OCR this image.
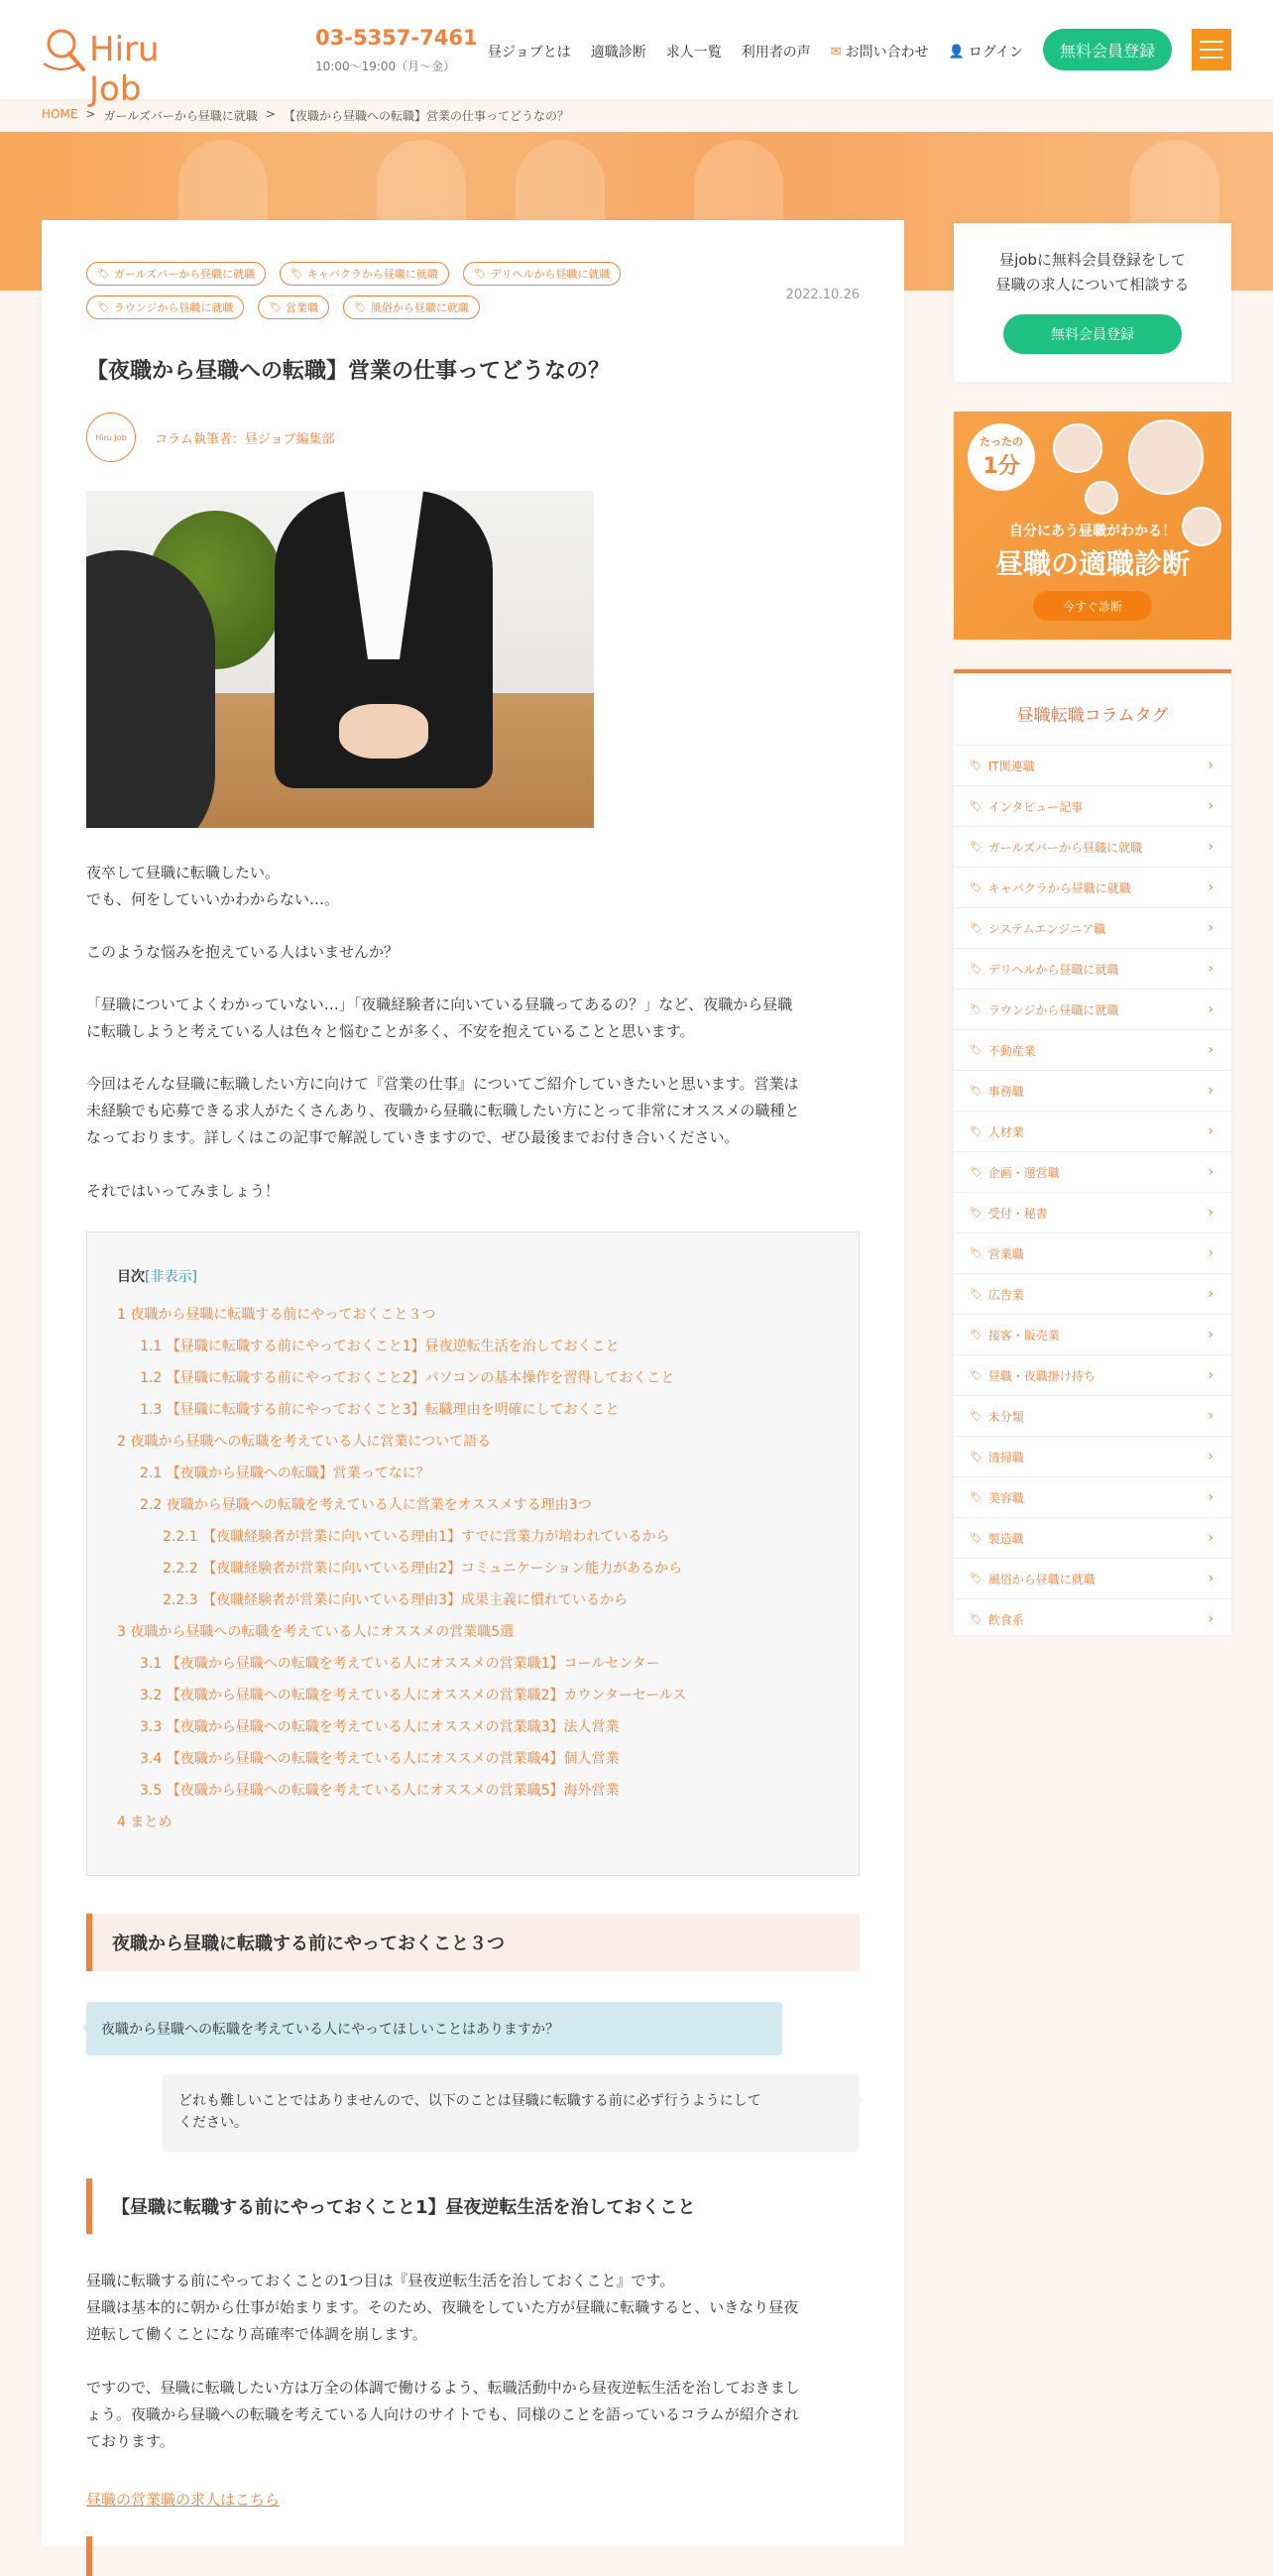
Hiru Job
03-5357-7461
10:00〜19:00（月〜金）
昼ジョブとは 適職診断 求人一覧 利用者の声 ✉ お問い合わせ 👤 ログイン	無料会員登録
HOME > ガールズバーから昼職に就職 > 【夜職から昼職への転職】営業の仕事ってどうなの？
🏷 ガールズバーから昼職に就職	🏷 キャバクラから昼職に就職	🏷 デリヘルから昼職に就職
🏷 ラウンジから昼職に就職	🏷 営業職	🏷 風俗から昼職に就職
2022.10.26
【夜職から昼職への転職】営業の仕事ってどうなの？
Hiru Job	コラム執筆者：昼ジョブ編集部
夜卒して昼職に転職したい。
でも、何をしていいかわからない…。
このような悩みを抱えている人はいませんか？
「昼職についてよくわかっていない…」「夜職経験者に向いている昼職ってあるの？」など、夜職から昼職
に転職しようと考えている人は色々と悩むことが多く、不安を抱えていることと思います。
今回はそんな昼職に転職したい方に向けて『営業の仕事』についてご紹介していきたいと思います。営業は
未経験でも応募できる求人がたくさんあり、夜職から昼職に転職したい方にとって非常にオススメの職種と
なっております。詳しくはこの記事で解説していきますので、ぜひ最後までお付き合いください。
それではいってみましょう！
目次[非表示]
1 夜職から昼職に転職する前にやっておくこと３つ
1.1 【昼職に転職する前にやっておくこと1】昼夜逆転生活を治しておくこと
1.2 【昼職に転職する前にやっておくこと2】パソコンの基本操作を習得しておくこと
1.3 【昼職に転職する前にやっておくこと3】転職理由を明確にしておくこと
2 夜職から昼職への転職を考えている人に営業について語る
2.1 【夜職から昼職への転職】営業ってなに？
2.2 夜職から昼職への転職を考えている人に営業をオススメする理由3つ
2.2.1 【夜職経験者が営業に向いている理由1】すでに営業力が培われているから
2.2.2 【夜職経験者が営業に向いている理由2】コミュニケーション能力があるから
2.2.3 【夜職経験者が営業に向いている理由3】成果主義に慣れているから
3 夜職から昼職への転職を考えている人にオススメの営業職5選
3.1 【夜職から昼職への転職を考えている人にオススメの営業職1】コールセンター
3.2 【夜職から昼職への転職を考えている人にオススメの営業職2】カウンターセールス
3.3 【夜職から昼職への転職を考えている人にオススメの営業職3】法人営業
3.4 【夜職から昼職への転職を考えている人にオススメの営業職4】個人営業
3.5 【夜職から昼職への転職を考えている人にオススメの営業職5】海外営業
4 まとめ
夜職から昼職に転職する前にやっておくこと３つ
夜職から昼職への転職を考えている人にやってほしいことはありますか？
どれも難しいことではありませんので、以下のことは昼職に転職する前に必ず行うようにして
ください。
【昼職に転職する前にやっておくこと1】昼夜逆転生活を治しておくこと
昼職に転職する前にやっておくことの1つ目は『昼夜逆転生活を治しておくこと』です。
昼職は基本的に朝から仕事が始まります。そのため、夜職をしていた方が昼職に転職すると、いきなり昼夜
逆転して働くことになり高確率で体調を崩します。
ですので、昼職に転職したい方は万全の体調で働けるよう、転職活動中から昼夜逆転生活を治しておきまし
ょう。夜職から昼職への転職を考えている人向けのサイトでも、同様のことを語っているコラムが紹介され
ております。
昼職の営業職の求人はこちら
昼jobに無料会員登録をして
昼職の求人について相談する
無料会員登録
たったの
1分
自分にあう昼職がわかる！
昼職の適職診断
今すぐ診断
昼職転職コラムタグ
🏷 IT関連職	›
🏷 インタビュー記事	›
🏷 ガールズバーから昼職に就職	›
🏷 キャバクラから昼職に就職	›
🏷 システムエンジニア職	›
🏷 デリヘルから昼職に就職	›
🏷 ラウンジから昼職に就職	›
🏷 不動産業	›
🏷 事務職	›
🏷 人材業	›
🏷 企画・運営職	›
🏷 受付・秘書	›
🏷 営業職	›
🏷 広告業	›
🏷 接客・販売業	›
🏷 昼職・夜職掛け持ち	›
🏷 未分類	›
🏷 清掃職	›
🏷 美容職	›
🏷 製造職	›
🏷 風俗から昼職に就職	›
🏷 飲食系	›
